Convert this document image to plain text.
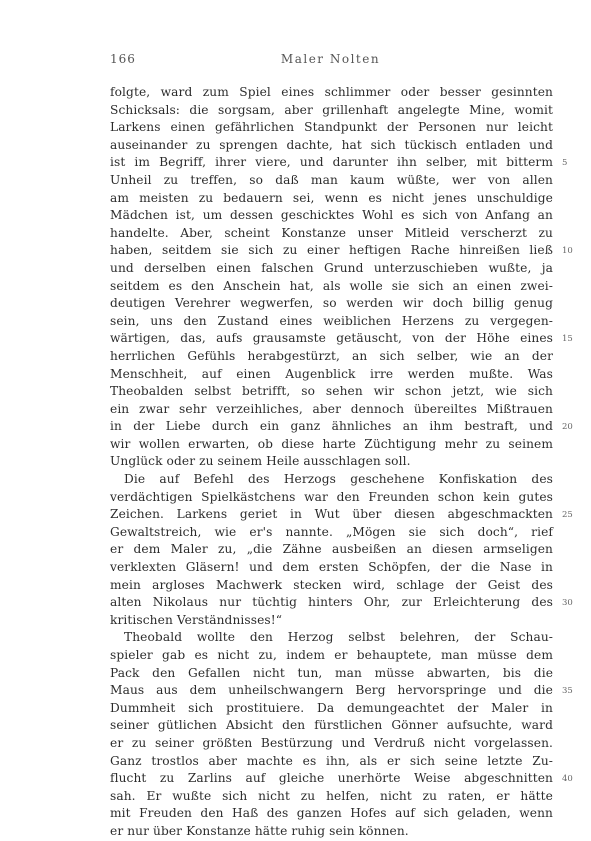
166	Maler Nolten
folgte, ward zum Spiel eines schlimmer oder besser gesinnten
Schicksals: die sorgsam, aber grillenhaft angelegte Mine, womit
Larkens einen gefährlichen Standpunkt der Personen nur leicht
auseinander zu sprengen dachte, hat sich tückisch entladen und
ist im Begriff, ihrer viere, und darunter ihn selber, mit bitterm
Unheil zu treffen, so daß man kaum wüßte, wer von allen
am meisten zu bedauern sei, wenn es nicht jenes unschuldige
Mädchen ist, um dessen geschicktes Wohl es sich von Anfang an
handelte. Aber, scheint Konstanze unser Mitleid verscherzt zu
haben, seitdem sie sich zu einer heftigen Rache hinreißen ließ
und derselben einen falschen Grund unterzuschieben wußte, ja
seitdem es den Anschein hat, als wolle sie sich an einen zwei-
deutigen Verehrer wegwerfen, so werden wir doch billig genug
sein, uns den Zustand eines weiblichen Herzens zu vergegen-
wärtigen, das, aufs grausamste getäuscht, von der Höhe eines
herrlichen Gefühls herabgestürzt, an sich selber, wie an der
Menschheit, auf einen Augenblick irre werden mußte. Was
Theobalden selbst betrifft, so sehen wir schon jetzt, wie sich
ein zwar sehr verzeihliches, aber dennoch übereiltes Mißtrauen
in der Liebe durch ein ganz ähnliches an ihm bestraft, und
wir wollen erwarten, ob diese harte Züchtigung mehr zu seinem
Unglück oder zu seinem Heile ausschlagen soll.
Die auf Befehl des Herzogs geschehene Konfiskation des
verdächtigen Spielkästchens war den Freunden schon kein gutes
Zeichen. Larkens geriet in Wut über diesen abgeschmackten
Gewaltstreich, wie er's nannte. „Mögen sie sich doch“, rief
er dem Maler zu, „die Zähne ausbeißen an diesen armseligen
verklexten Gläsern! und dem ersten Schöpfen, der die Nase in
mein argloses Machwerk stecken wird, schlage der Geist des
alten Nikolaus nur tüchtig hinters Ohr, zur Erleichterung des
kritischen Verständnisses!“
Theobald wollte den Herzog selbst belehren, der Schau-
spieler gab es nicht zu, indem er behauptete, man müsse dem
Pack den Gefallen nicht tun, man müsse abwarten, bis die
Maus aus dem unheilschwangern Berg hervorspringe und die
Dummheit sich prostituiere. Da demungeachtet der Maler in
seiner gütlichen Absicht den fürstlichen Gönner aufsuchte, ward
er zu seiner größten Bestürzung und Verdruß nicht vorgelassen.
Ganz trostlos aber machte es ihn, als er sich seine letzte Zu-
flucht zu Zarlins auf gleiche unerhörte Weise abgeschnitten
sah. Er wußte sich nicht zu helfen, nicht zu raten, er hätte
mit Freuden den Haß des ganzen Hofes auf sich geladen, wenn
er nur über Konstanze hätte ruhig sein können.
5
10
15
20
25
30
35
40
